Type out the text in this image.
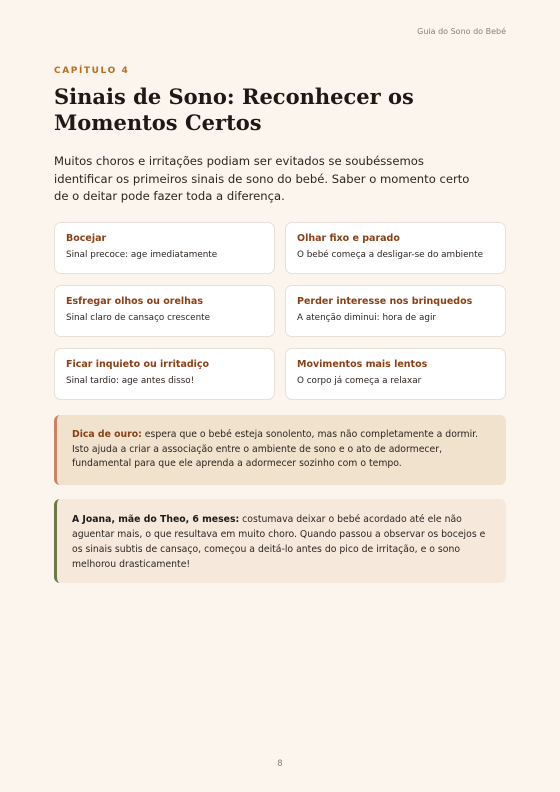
Guia do Sono do Bebé
CAPÍTULO 4
Sinais de Sono: Reconhecer os Momentos Certos

Muitos choros e irritações podiam ser evitados se soubéssemos identificar os primeiros sinais de sono do bebé. Saber o momento certo de o deitar pode fazer toda a diferença.

Bocejar

Sinal precoce: age imediatamente

Olhar fixo e parado

O bebé começa a desligar-se do ambiente

Esfregar olhos ou orelhas

Sinal claro de cansaço crescente

Perder interesse nos brinquedos

A atenção diminui: hora de agir

Ficar inquieto ou irritadiço

Sinal tardio: age antes disso!

Movimentos mais lentos

O corpo já começa a relaxar

Dica de ouro: espera que o bebé esteja sonolento, mas não completamente a dormir. Isto ajuda a criar a associação entre o ambiente de sono e o ato de adormecer, fundamental para que ele aprenda a adormecer sozinho com o tempo.
A Joana, mãe do Theo, 6 meses: costumava deixar o bebé acordado até ele não aguentar mais, o que resultava em muito choro. Quando passou a observar os bocejos e os sinais subtis de cansaço, começou a deitá-lo antes do pico de irritação, e o sono melhorou drasticamente!
8
